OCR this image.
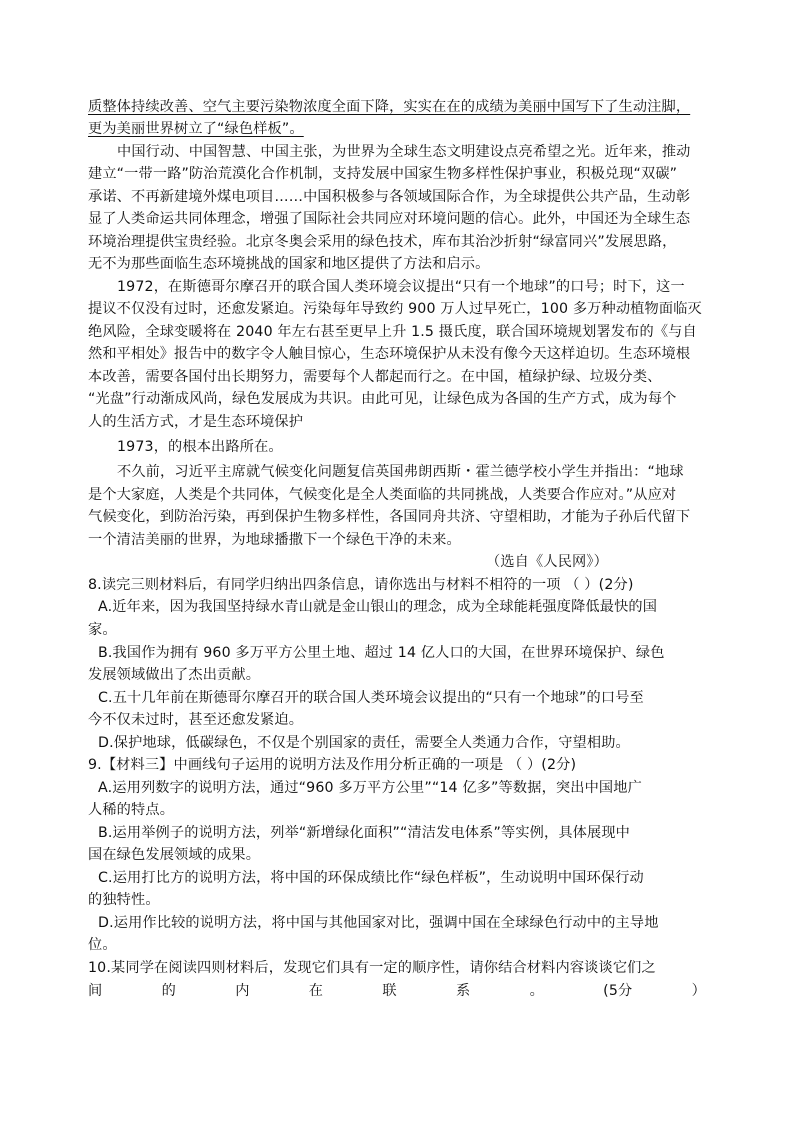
质整体持续改善、空气主要污染物浓度全面下降，实实在在的成绩为美丽中国写下了生动注脚，
更为美丽世界树立了“绿色样板”。
中国行动、中国智慧、中国主张，为世界为全球生态文明建设点亮希望之光。近年来，推动
建立“一带一路”防治荒漠化合作机制，支持发展中国家生物多样性保护事业，积极兑现“双碳”
承诺、不再新建境外煤电项目……中国积极参与各领域国际合作，为全球提供公共产品，生动彰
显了人类命运共同体理念，增强了国际社会共同应对环境问题的信心。此外，中国还为全球生态
环境治理提供宝贵经验。北京冬奥会采用的绿色技术，库布其治沙折射“绿富同兴”发展思路，
无不为那些面临生态环境挑战的国家和地区提供了方法和启示。
1972，在斯德哥尔摩召开的联合国人类环境会议提出“只有一个地球”的口号；时下，这一
提议不仅没有过时，还愈发紧迫。污染每年导致约 900 万人过早死亡，100 多万种动植物面临灭
绝风险，全球变暖将在 2040 年左右甚至更早上升 1.5 摄氏度，联合国环境规划署发布的《与自
然和平相处》报告中的数字令人触目惊心，生态环境保护从未没有像今天这样迫切。生态环境根
本改善，需要各国付出长期努力，需要每个人都起而行之。在中国，植绿护绿、垃圾分类、
“光盘”行动渐成风尚，绿色发展成为共识。由此可见，让绿色成为各国的生产方式，成为每个
人的生活方式，才是生态环境保护
1973，的根本出路所在。
不久前，习近平主席就气候变化问题复信英国弗朗西斯・霍兰德学校小学生并指出：“地球
是个大家庭，人类是个共同体，气候变化是全人类面临的共同挑战，人类要合作应对。”从应对
气候变化，到防治污染，再到保护生物多样性，各国同舟共济、守望相助，才能为子孙后代留下
一个清洁美丽的世界，为地球播撒下一个绿色干净的未来。
（选自《人民网》）
8.读完三则材料后，有同学归纳出四条信息，请你选出与材料不相符的一项 （ ）(2分)
A.近年来，因为我国坚持绿水青山就是金山银山的理念，成为全球能耗强度降低最快的国
家。
B.我国作为拥有 960 多万平方公里土地、超过 14 亿人口的大国，在世界环境保护、绿色
发展领域做出了杰出贡献。
C.五十几年前在斯德哥尔摩召开的联合国人类环境会议提出的“只有一个地球”的口号至
今不仅未过时，甚至还愈发紧迫。
D.保护地球，低碳绿色，不仅是个别国家的责任，需要全人类通力合作，守望相助。
9.【材料三】中画线句子运用的说明方法及作用分析正确的一项是 （ ）(2分)
A.运用列数字的说明方法，通过“960 多万平方公里”“14 亿多”等数据，突出中国地广
人稀的特点。
B.运用举例子的说明方法，列举“新增绿化面积”“清洁发电体系”等实例，具体展现中
国在绿色发展领域的成果。
C.运用打比方的说明方法，将中国的环保成绩比作“绿色样板”，生动说明中国环保行动
的独特性。
D.运用作比较的说明方法，将中国与其他国家对比，强调中国在全球绿色行动中的主导地
位。
10.某同学在阅读四则材料后，发现它们具有一定的顺序性，请你结合材料内容谈谈它们之
间	的	内	在	联	系	。	(5分	）
